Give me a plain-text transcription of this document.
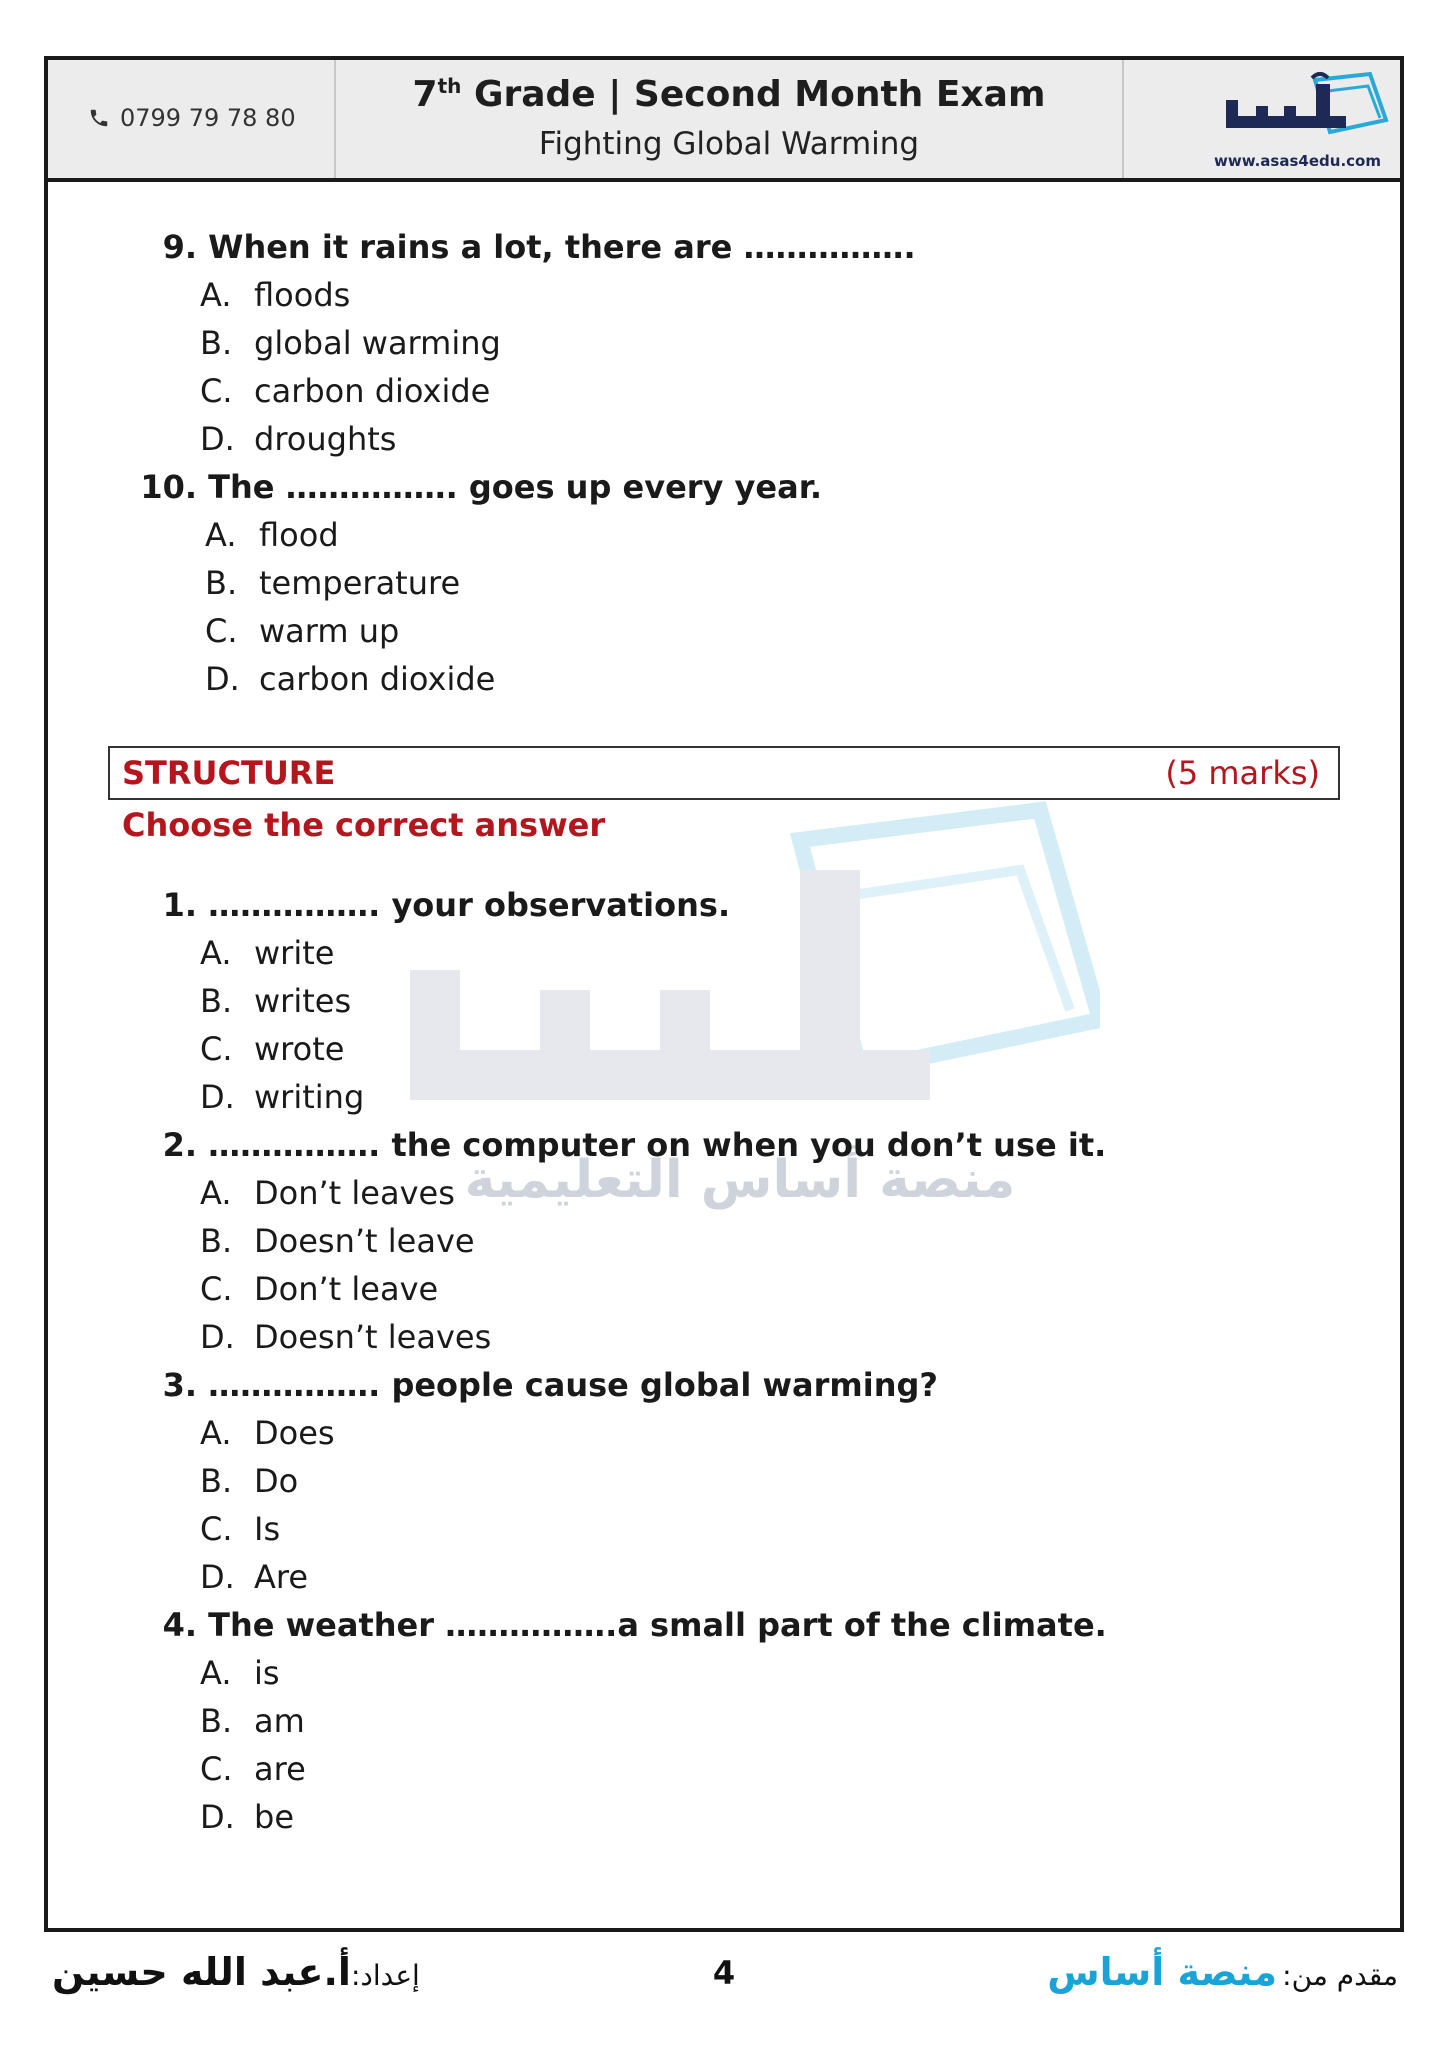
0799 79 78 80
7th Grade | Second Month Exam
Fighting Global Warming	www.asas4edu.com
منصة أساس التعليمية
9. When it rains a lot, there are …………….
A. floods
B. global warming
C. carbon dioxide
D. droughts
10. The ……………. goes up every year.
A. flood
B. temperature
C. warm up
D. carbon dioxide
STRUCTURE	(5 marks)
Choose the correct answer
1. ……………. your observations.
A. write
B. writes
C. wrote
D. writing
2. ……………. the computer on when you don’t use it.
A. Don’t leaves
B. Doesn’t leave
C. Don’t leave
D. Doesn’t leaves
3. ……………. people cause global warming?
A. Does
B. Do
C. Is
D. Are
4. The weather …………….a small part of the climate.
A. is
B. am
C. are
D. be
إعداد:أ.عبد الله حسين	4	مقدم من: منصة أساس
